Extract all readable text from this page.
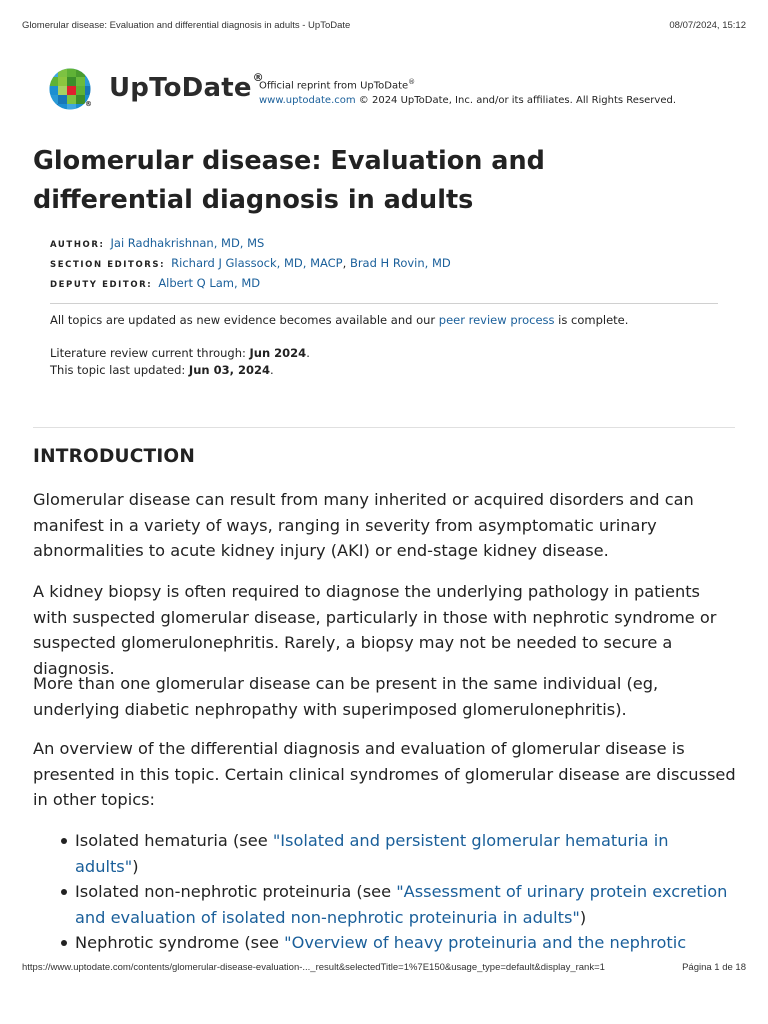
Glomerular disease: Evaluation and differential diagnosis in adults - UpToDate	08/07/2024, 15:12
®
UpToDate®
Official reprint from UpToDate®
www.uptodate.com © 2024 UpToDate, Inc. and/or its affiliates. All Rights Reserved.
Glomerular disease: Evaluation and differential diagnosis in adults
AUTHOR: Jai Radhakrishnan, MD, MS
SECTION EDITORS: Richard J Glassock, MD, MACP, Brad H Rovin, MD
DEPUTY EDITOR: Albert Q Lam, MD
All topics are updated as new evidence becomes available and our peer review process is complete.
Literature review current through: Jun 2024.
This topic last updated: Jun 03, 2024.
INTRODUCTION

Glomerular disease can result from many inherited or acquired disorders and can manifest in a variety of ways, ranging in severity from asymptomatic urinary abnormalities to acute kidney injury (AKI) or end-stage kidney disease.

A kidney biopsy is often required to diagnose the underlying pathology in patients with suspected glomerular disease, particularly in those with nephrotic syndrome or suspected glomerulonephritis. Rarely, a biopsy may not be needed to secure a diagnosis.

More than one glomerular disease can be present in the same individual (eg, underlying diabetic nephropathy with superimposed glomerulonephritis).

An overview of the differential diagnosis and evaluation of glomerular disease is presented in this topic. Certain clinical syndromes of glomerular disease are discussed in other topics:

Isolated hematuria (see "Isolated and persistent glomerular hematuria in adults")
Isolated non-nephrotic proteinuria (see "Assessment of urinary protein excretion and evaluation of isolated non-nephrotic proteinuria in adults")
Nephrotic syndrome (see "Overview of heavy proteinuria and the nephrotic
https://www.uptodate.com/contents/glomerular-disease-evaluation-..._result&selectedTitle=1%7E150&usage_type=default&display_rank=1	Página 1 de 18
